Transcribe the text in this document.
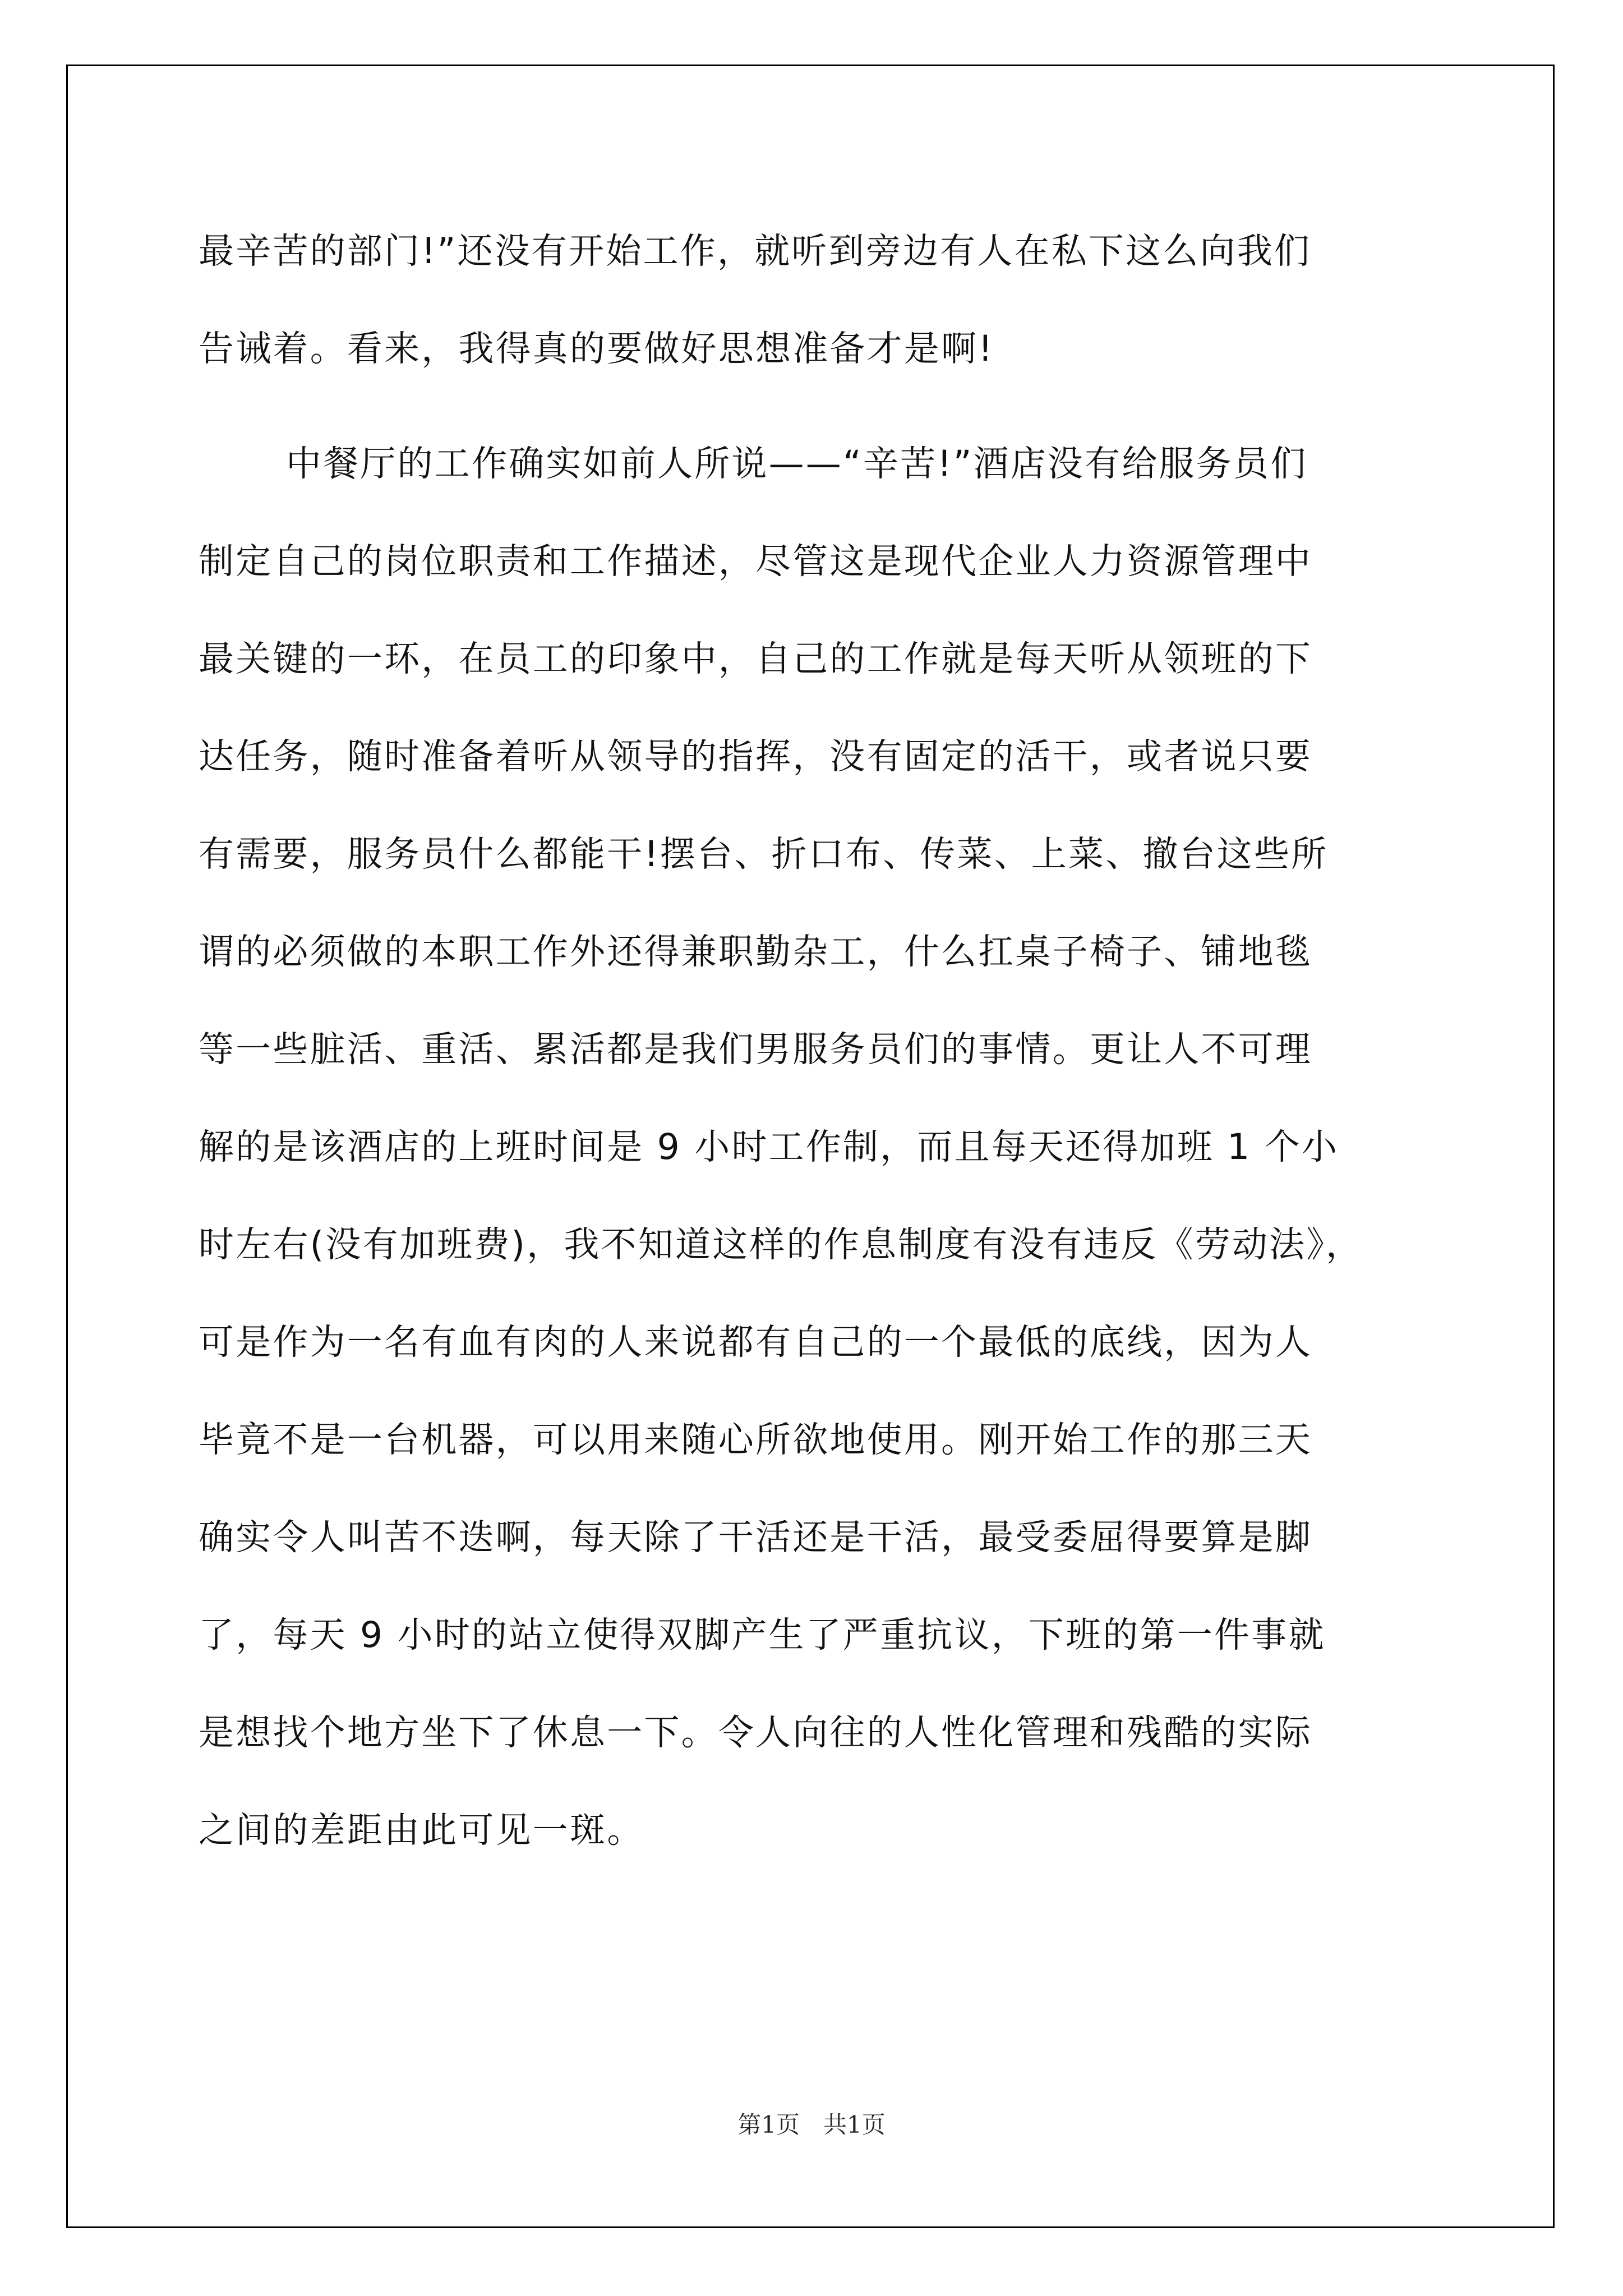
最辛苦的部门!”还没有开始工作，就听到旁边有人在私下这么向我们
告诫着。看来，我得真的要做好思想准备才是啊!
中餐厅的工作确实如前人所说——“辛苦!”酒店没有给服务员们
制定自己的岗位职责和工作描述，尽管这是现代企业人力资源管理中
最关键的一环，在员工的印象中，自己的工作就是每天听从领班的下
达任务，随时准备着听从领导的指挥，没有固定的活干，或者说只要
有需要，服务员什么都能干!摆台、折口布、传菜、上菜、撤台这些所
谓的必须做的本职工作外还得兼职勤杂工，什么扛桌子椅子、铺地毯
等一些脏活、重活、累活都是我们男服务员们的事情。更让人不可理
解的是该酒店的上班时间是 9 小时工作制，而且每天还得加班 1 个小
时左右(没有加班费)，我不知道这样的作息制度有没有违反《劳动法》，
可是作为一名有血有肉的人来说都有自己的一个最低的底线，因为人
毕竟不是一台机器，可以用来随心所欲地使用。刚开始工作的那三天
确实令人叫苦不迭啊，每天除了干活还是干活，最受委屈得要算是脚
了，每天 9 小时的站立使得双脚产生了严重抗议，下班的第一件事就
是想找个地方坐下了休息一下。令人向往的人性化管理和残酷的实际
之间的差距由此可见一斑。
第1页　共1页
